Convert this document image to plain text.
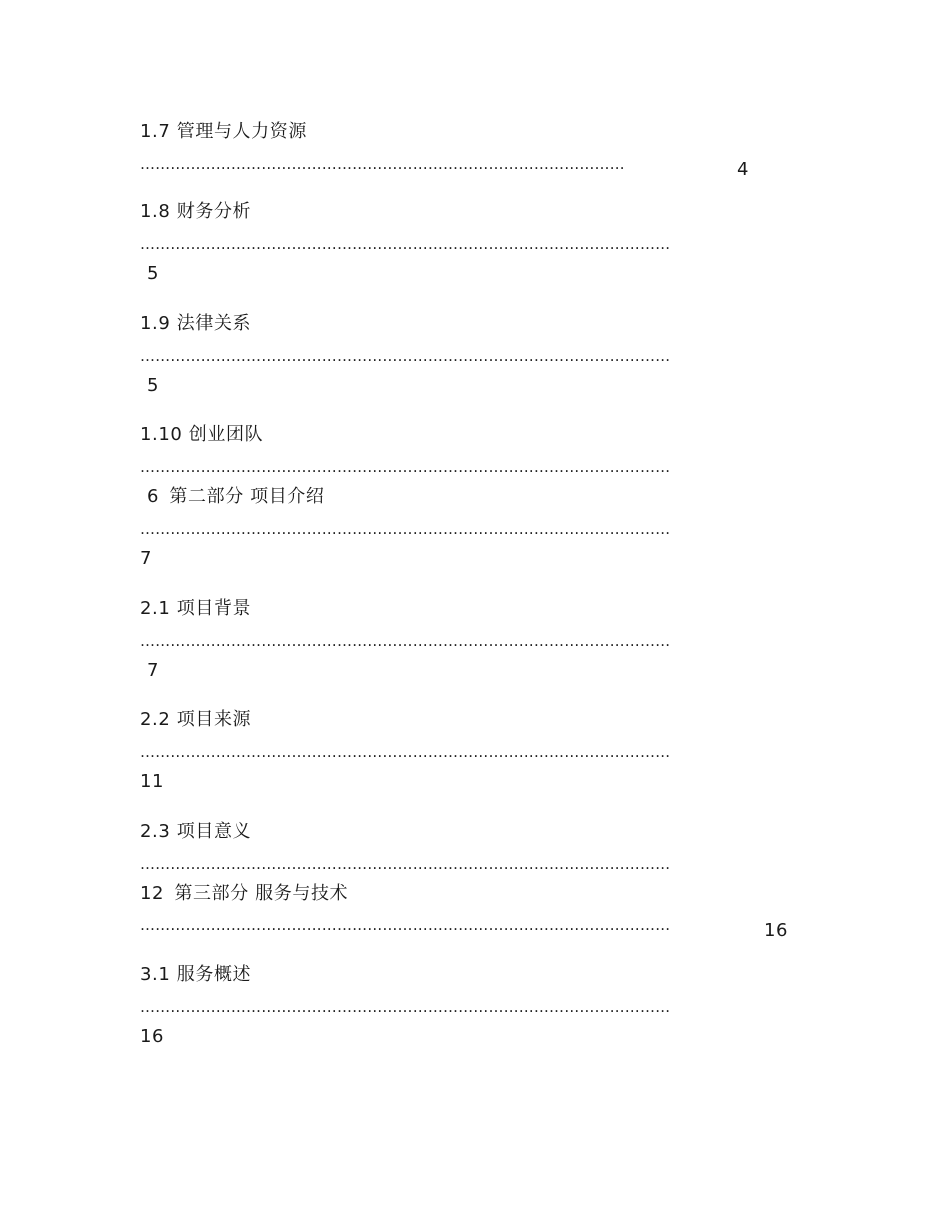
1.7 管理与人力资源
……………………………………………………………………………………	4
1.8 财务分析
……………………………………………………………………………………………
5
1.9 法律关系
……………………………………………………………………………………………
5
1.10 创业团队
……………………………………………………………………………………………
6 第二部分 项目介绍
……………………………………………………………………………………………
7
2.1 项目背景
……………………………………………………………………………………………
7
2.2 项目来源
……………………………………………………………………………………………
11
2.3 项目意义
……………………………………………………………………………………………
12 第三部分 服务与技术
……………………………………………………………………………………………	16
3.1 服务概述
……………………………………………………………………………………………
16
